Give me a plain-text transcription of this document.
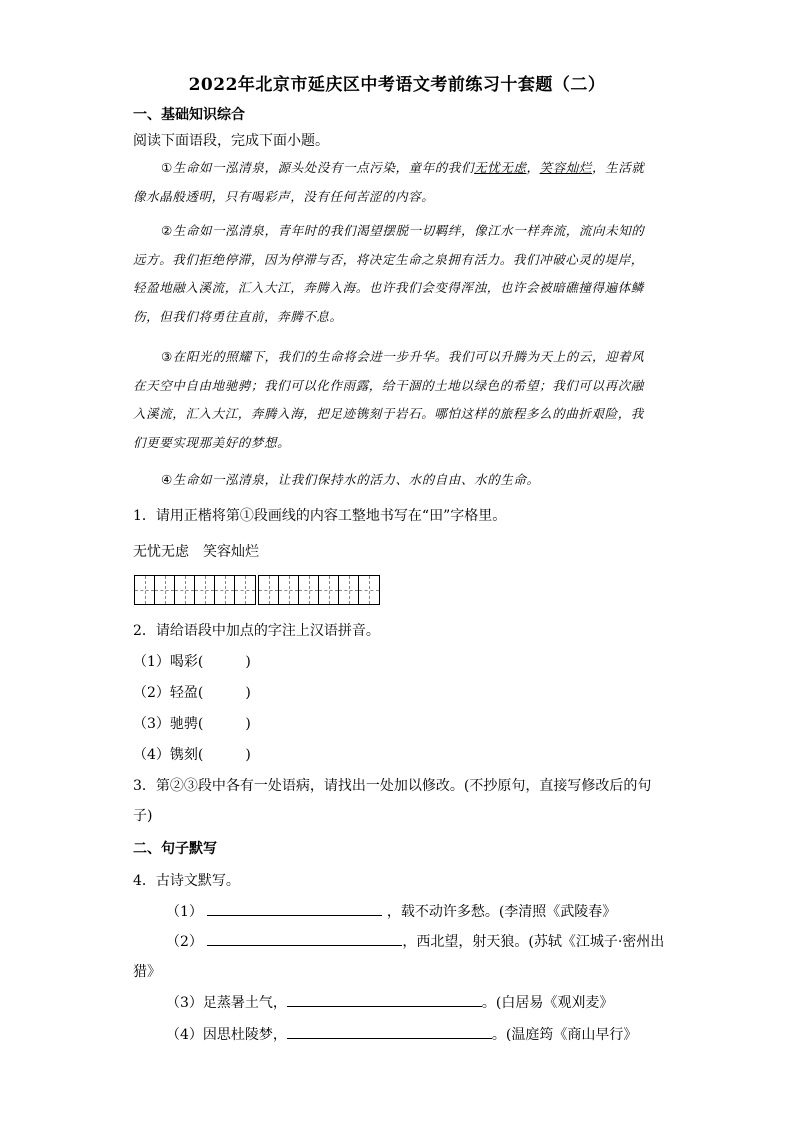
2022年北京市延庆区中考语文考前练习十套题（二）
一、基础知识综合
阅读下面语段，完成下面小题。
①生命如一泓清泉，源头处没有一点污染，童年的我们无忧无虑，笑容灿烂，生活就像水晶般透明，只有喝彩声，没有任何苦涩的内容。
②生命如一泓清泉，青年时的我们渴望摆脱一切羁绊，像江水一样奔流，流向未知的远方。我们拒绝停滞，因为停滞与否，将决定生命之泉拥有活力。我们冲破心灵的堤岸，轻盈地融入溪流，汇入大江，奔腾入海。也许我们会变得浑浊，也许会被暗礁撞得遍体鳞伤，但我们将勇往直前，奔腾不息。
③在阳光的照耀下，我们的生命将会进一步升华。我们可以升腾为天上的云，迎着风在天空中自由地驰骋；我们可以化作雨露，给干涸的土地以绿色的希望；我们可以再次融入溪流，汇入大江，奔腾入海，把足迹镌刻于岩石。哪怕这样的旅程多么的曲折艰险，我们更要实现那美好的梦想。
④生命如一泓清泉，让我们保持水的活力、水的自由、水的生命。
1．请用正楷将第①段画线的内容工整地书写在“田”字格里。
无忧无虑　笑容灿烂
2．请给语段中加点的字注上汉语拼音。
（1）喝彩(　　　)
（2）轻盈(　　　)
（3）驰骋(　　　)
（4）镌刻(　　　)
3．第②③段中各有一处语病，请找出一处加以修改。(不抄原句，直接写修改后的句
子)
二、句子默写
4．古诗文默写。
（1）	，载不动许多愁。(李清照《武陵春》
（2）	，西北望，射天狼。(苏轼《江城子·密州出
猎》
（3）足蒸暑土气，	。(白居易《观刈麦》
（4）因思杜陵梦，	。(温庭筠《商山早行》
